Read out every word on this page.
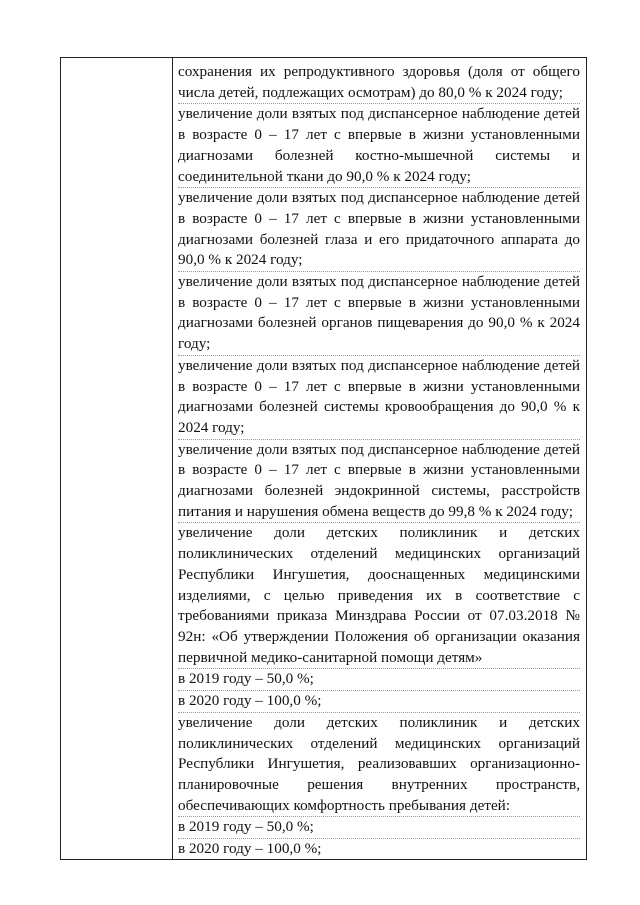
сохранения их репродуктивного здоровья (доля от общего числа детей, подлежащих осмотрам) до 80,0 % к 2024 году;

увеличение доли взятых под диспансерное наблюдение детей в возрасте 0 – 17 лет с впервые в жизни установленными диагнозами болезней костно-мышечной системы и соединительной ткани до 90,0 % к 2024 году;

увеличение доли взятых под диспансерное наблюдение детей в возрасте 0 – 17 лет с впервые в жизни установленными диагнозами болезней глаза и его придаточного аппарата до 90,0 % к 2024 году;

увеличение доли взятых под диспансерное наблюдение детей в возрасте 0 – 17 лет с впервые в жизни установленными диагнозами болезней органов пищеварения до 90,0 % к 2024 году;

увеличение доли взятых под диспансерное наблюдение детей в возрасте 0 – 17 лет с впервые в жизни установленными диагнозами болезней системы кровообращения до 90,0 % к 2024 году;

увеличение доли взятых под диспансерное наблюдение детей в возрасте 0 – 17 лет с впервые в жизни установленными диагнозами болезней эндокринной системы, расстройств питания и нарушения обмена веществ до 99,8 % к 2024 году;

увеличение доли детских поликлиник и детских поликлинических отделений медицинских организаций Республики Ингушетия, дооснащенных медицинскими изделиями, с целью приведения их в соответствие с требованиями приказа Минздрава России от 07.03.2018 № 92н: «Об утверждении Положения об организации оказания первичной медико-санитарной помощи детям»

в 2019 году – 50,0 %;

в 2020 году – 100,0 %;

увеличение доли детских поликлиник и детских поликлинических отделений медицинских организаций Республики Ингушетия, реализовавших организационно-планировочные решения внутренних пространств, обеспечивающих комфортность пребывания детей:

в 2019 году – 50,0 %;

в 2020 году – 100,0 %;
